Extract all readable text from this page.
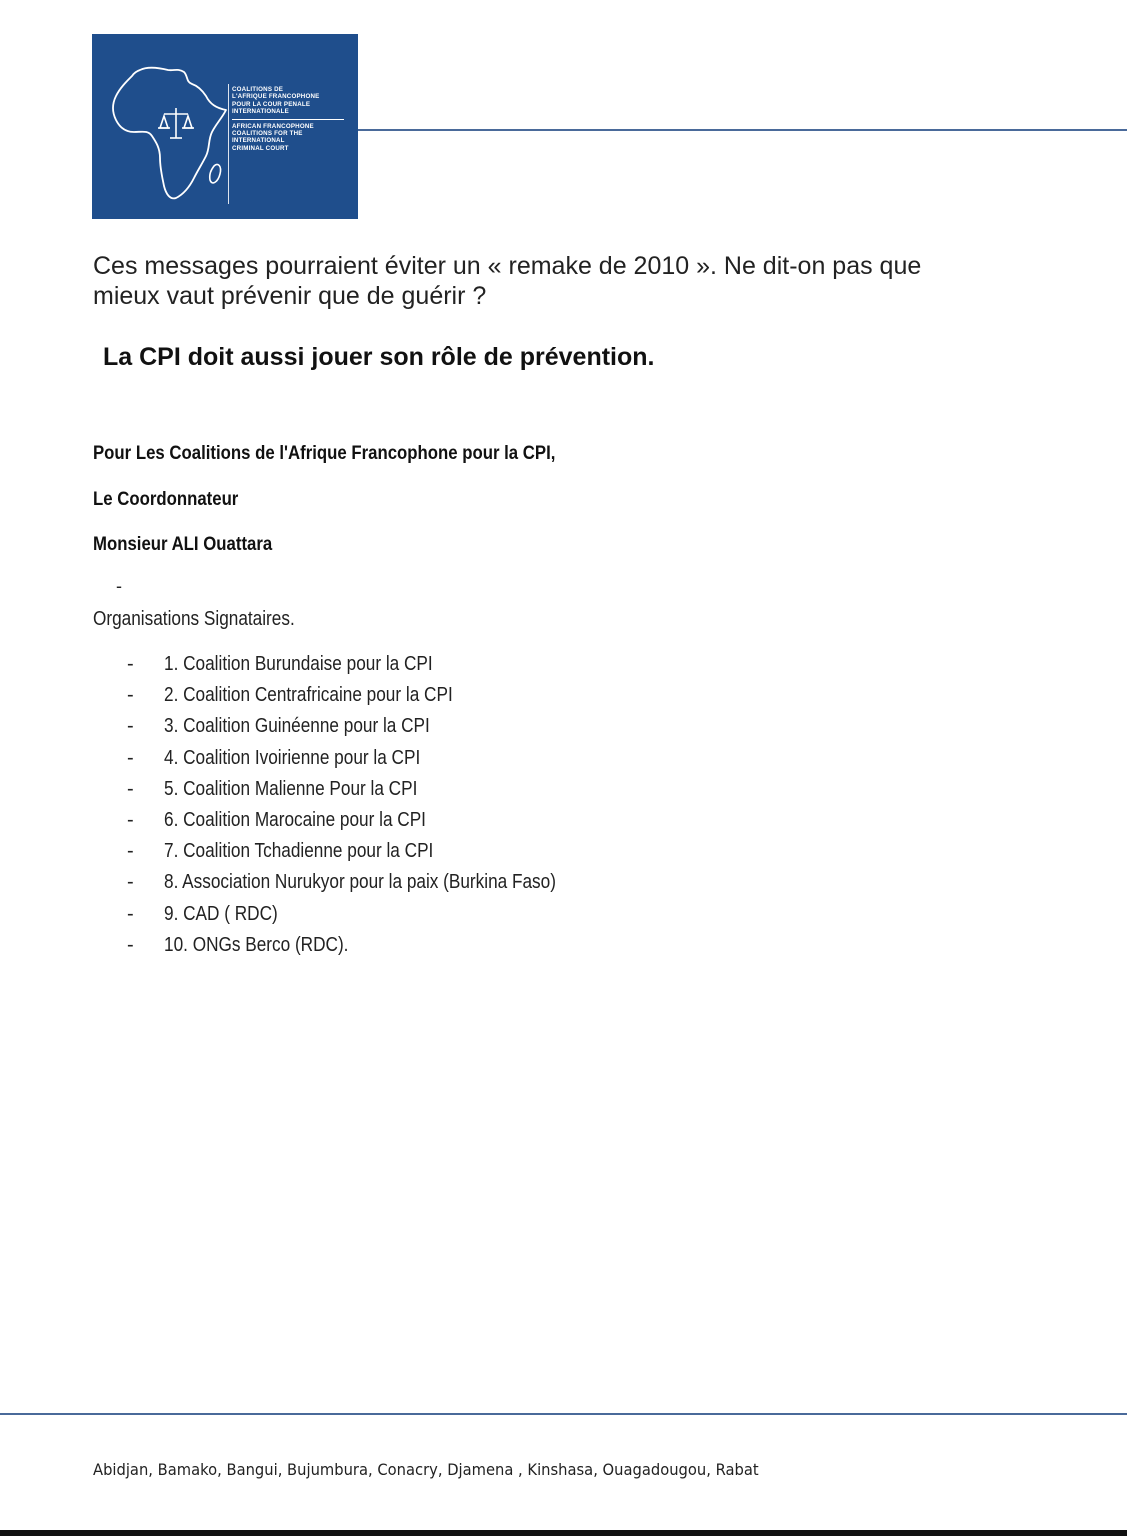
COALITIONS DE
L'AFRIQUE FRANCOPHONE
POUR LA COUR PENALE
INTERNATIONALE
AFRICAN FRANCOPHONE
COALITIONS FOR THE
INTERNATIONAL
CRIMINAL COURT
Ces messages pourraient éviter un « remake de 2010 ». Ne dit-on pas que
mieux vaut prévenir que de guérir ?
La CPI doit aussi jouer son rôle de prévention.
Pour Les Coalitions de l'Afrique Francophone pour la CPI,
Le Coordonnateur
Monsieur ALI Ouattara
-
Organisations Signataires.
- 1. Coalition Burundaise pour la CPI
- 2. Coalition Centrafricaine pour la CPI
- 3. Coalition Guinéenne pour la CPI
- 4. Coalition Ivoirienne pour la CPI
- 5. Coalition Malienne Pour la CPI
- 6. Coalition Marocaine pour la CPI
- 7. Coalition Tchadienne pour la CPI
- 8. Association Nurukyor pour la paix (Burkina Faso)
- 9. CAD ( RDC)
- 10. ONGs Berco (RDC).
Abidjan, Bamako, Bangui, Bujumbura, Conacry, Djamena , Kinshasa, Ouagadougou, Rabat
